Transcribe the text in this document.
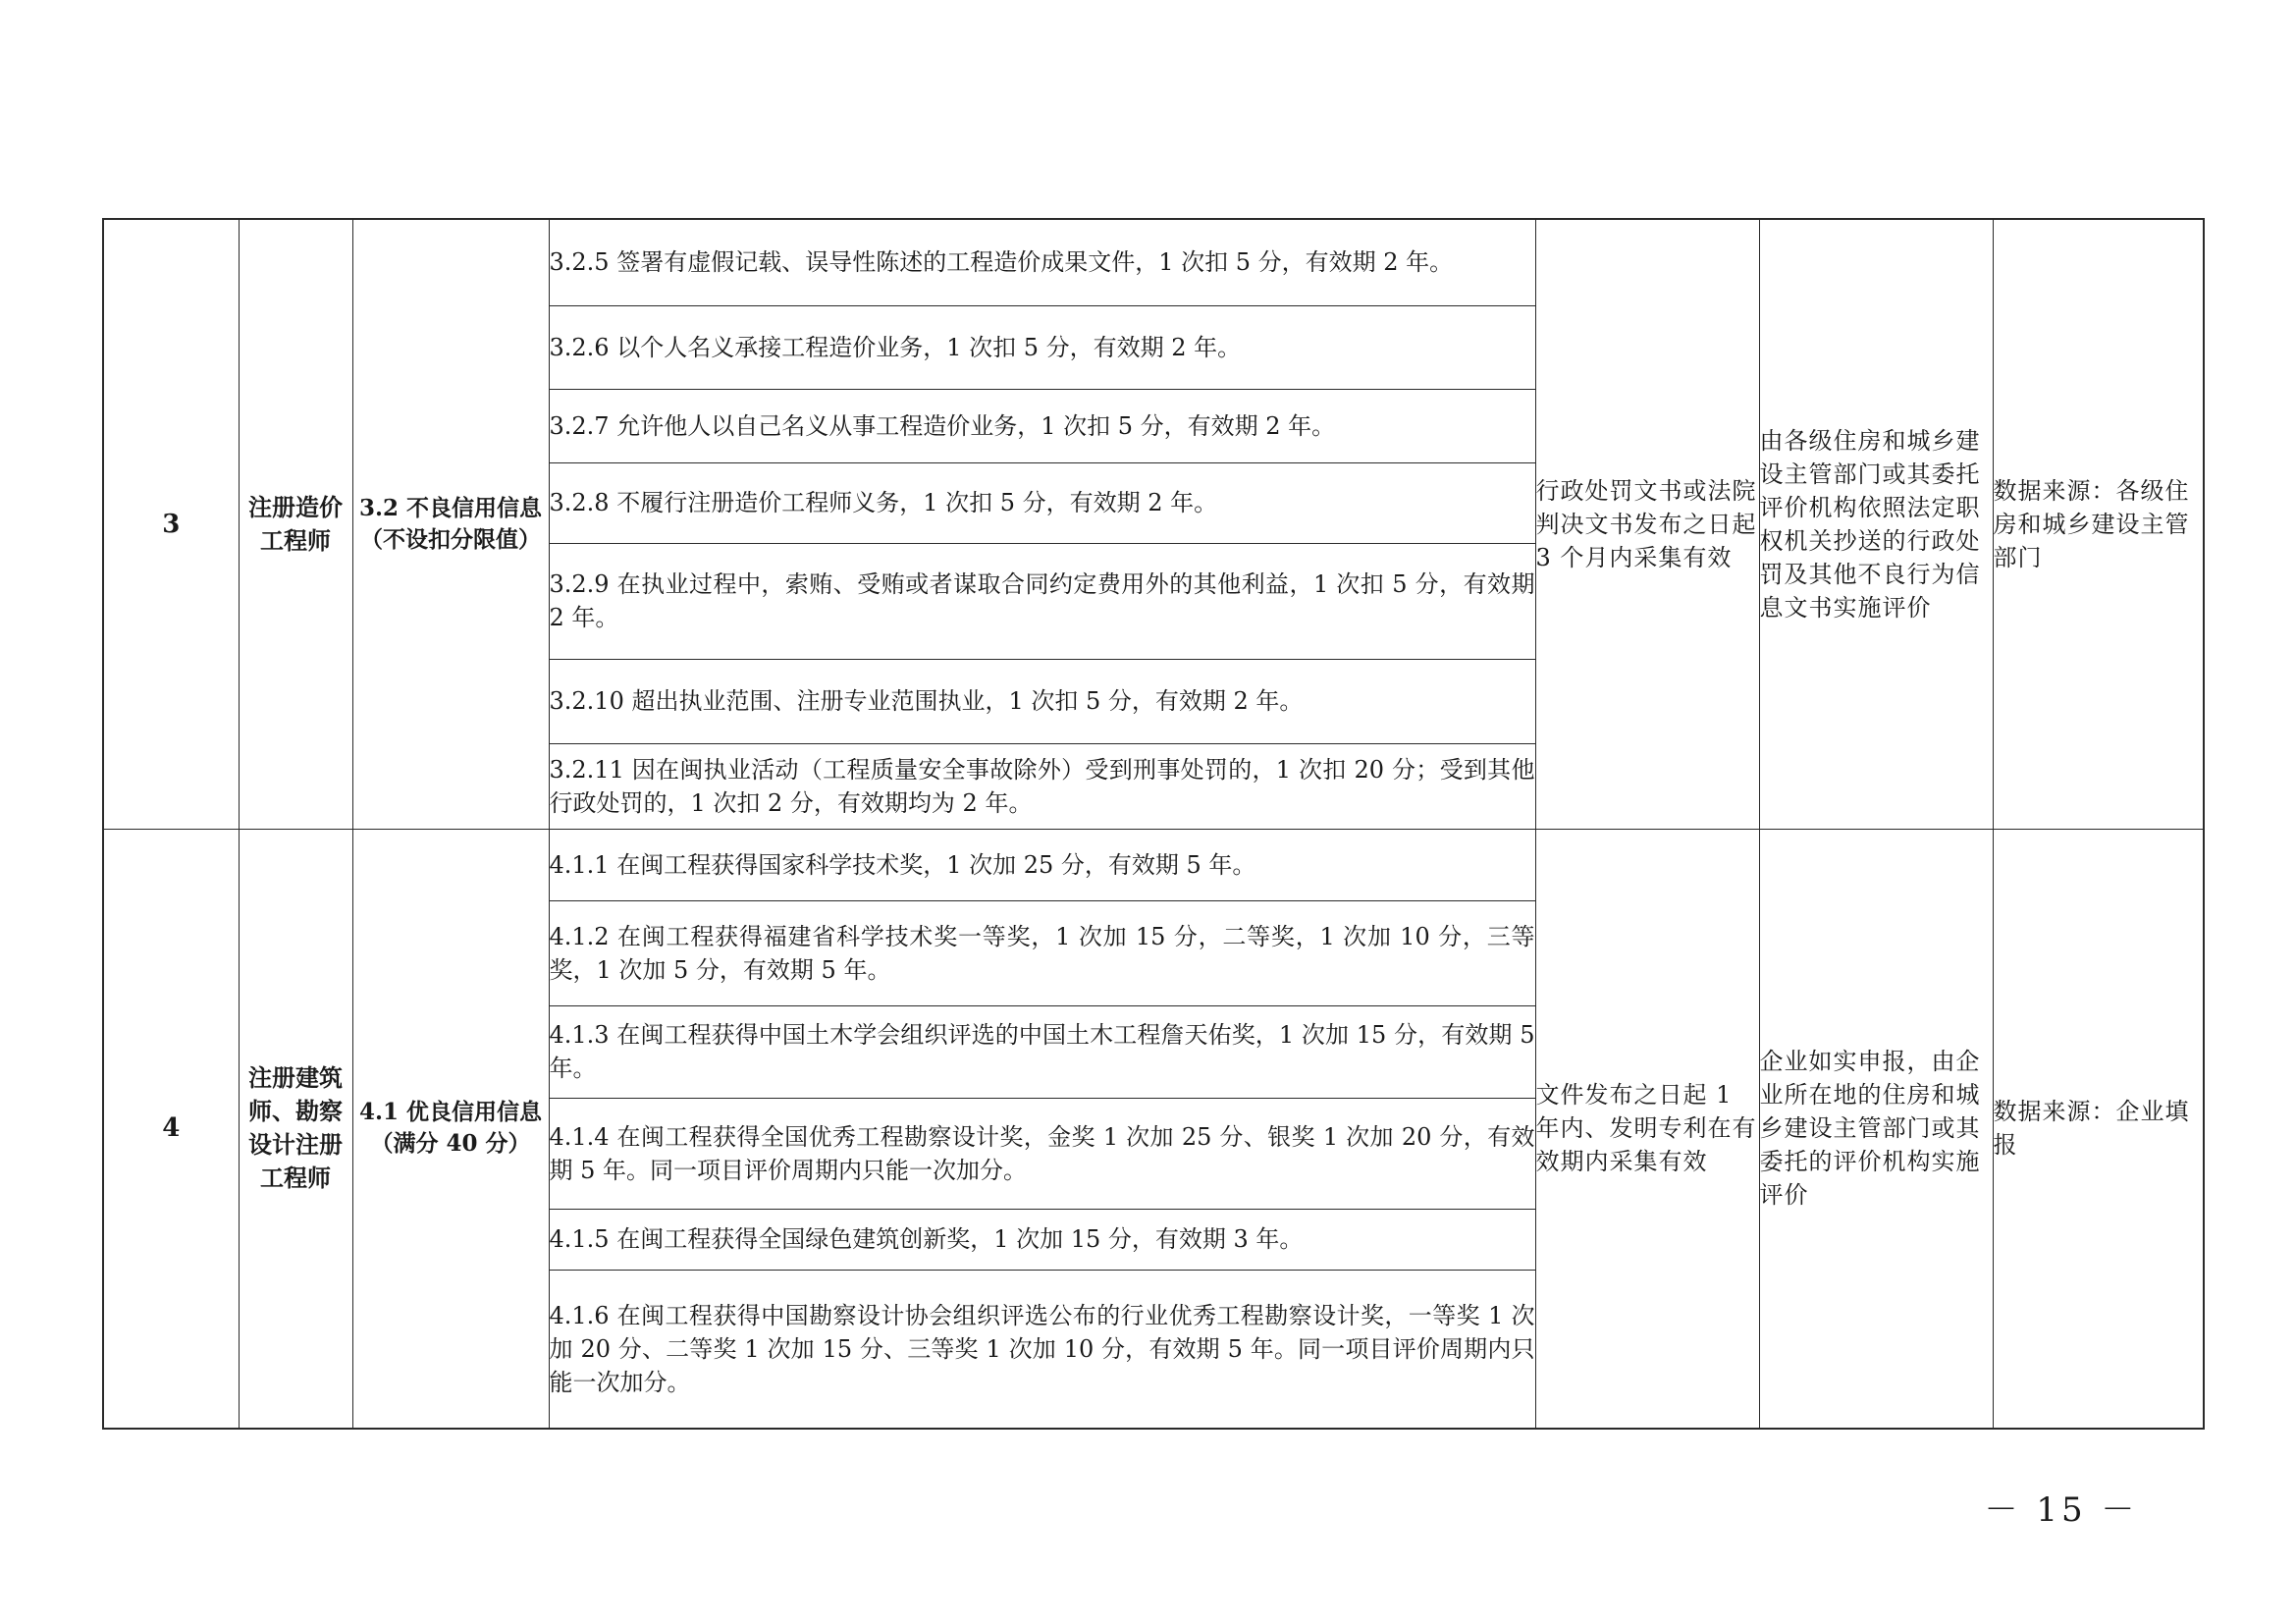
3	注册造价工程师	3.2 不良信用信息（不设扣分限值）	3.2.5 签署有虚假记载、误导性陈述的工程造价成果文件，1 次扣 5 分，有效期 2 年。	行政处罚文书或法院判决文书发布之日起 3 个月内采集有效	由各级住房和城乡建设主管部门或其委托评价机构依照法定职权机关抄送的行政处罚及其他不良行为信息文书实施评价	数据来源：各级住房和城乡建设主管部门
			3.2.6 以个人名义承接工程造价业务，1 次扣 5 分，有效期 2 年。			
			3.2.7 允许他人以自己名义从事工程造价业务，1 次扣 5 分，有效期 2 年。			
			3.2.8 不履行注册造价工程师义务，1 次扣 5 分，有效期 2 年。			
			3.2.9 在执业过程中，索贿、受贿或者谋取合同约定费用外的其他利益，1 次扣 5 分，有效期 2 年。			
			3.2.10 超出执业范围、注册专业范围执业，1 次扣 5 分，有效期 2 年。			
			3.2.11 因在闽执业活动（工程质量安全事故除外）受到刑事处罚的，1 次扣 20 分；受到其他行政处罚的，1 次扣 2 分，有效期均为 2 年。			
4	注册建筑师、勘察设计注册工程师	4.1 优良信用信息（满分 40 分）	4.1.1 在闽工程获得国家科学技术奖，1 次加 25 分，有效期 5 年。	文件发布之日起 1 年内、发明专利在有效期内采集有效	企业如实申报，由企业所在地的住房和城乡建设主管部门或其委托的评价机构实施评价	数据来源：企业填报
			4.1.2 在闽工程获得福建省科学技术奖一等奖，1 次加 15 分，二等奖，1 次加 10 分，三等奖，1 次加 5 分，有效期 5 年。			
			4.1.3 在闽工程获得中国土木学会组织评选的中国土木工程詹天佑奖，1 次加 15 分，有效期 5 年。			
			4.1.4 在闽工程获得全国优秀工程勘察设计奖，金奖 1 次加 25 分、银奖 1 次加 20 分，有效期 5 年。同一项目评价周期内只能一次加分。			
			4.1.5 在闽工程获得全国绿色建筑创新奖，1 次加 15 分，有效期 3 年。			
			4.1.6 在闽工程获得中国勘察设计协会组织评选公布的行业优秀工程勘察设计奖，一等奖 1 次加 20 分、二等奖 1 次加 15 分、三等奖 1 次加 10 分，有效期 5 年。同一项目评价周期内只能一次加分。			
－ 15 －
